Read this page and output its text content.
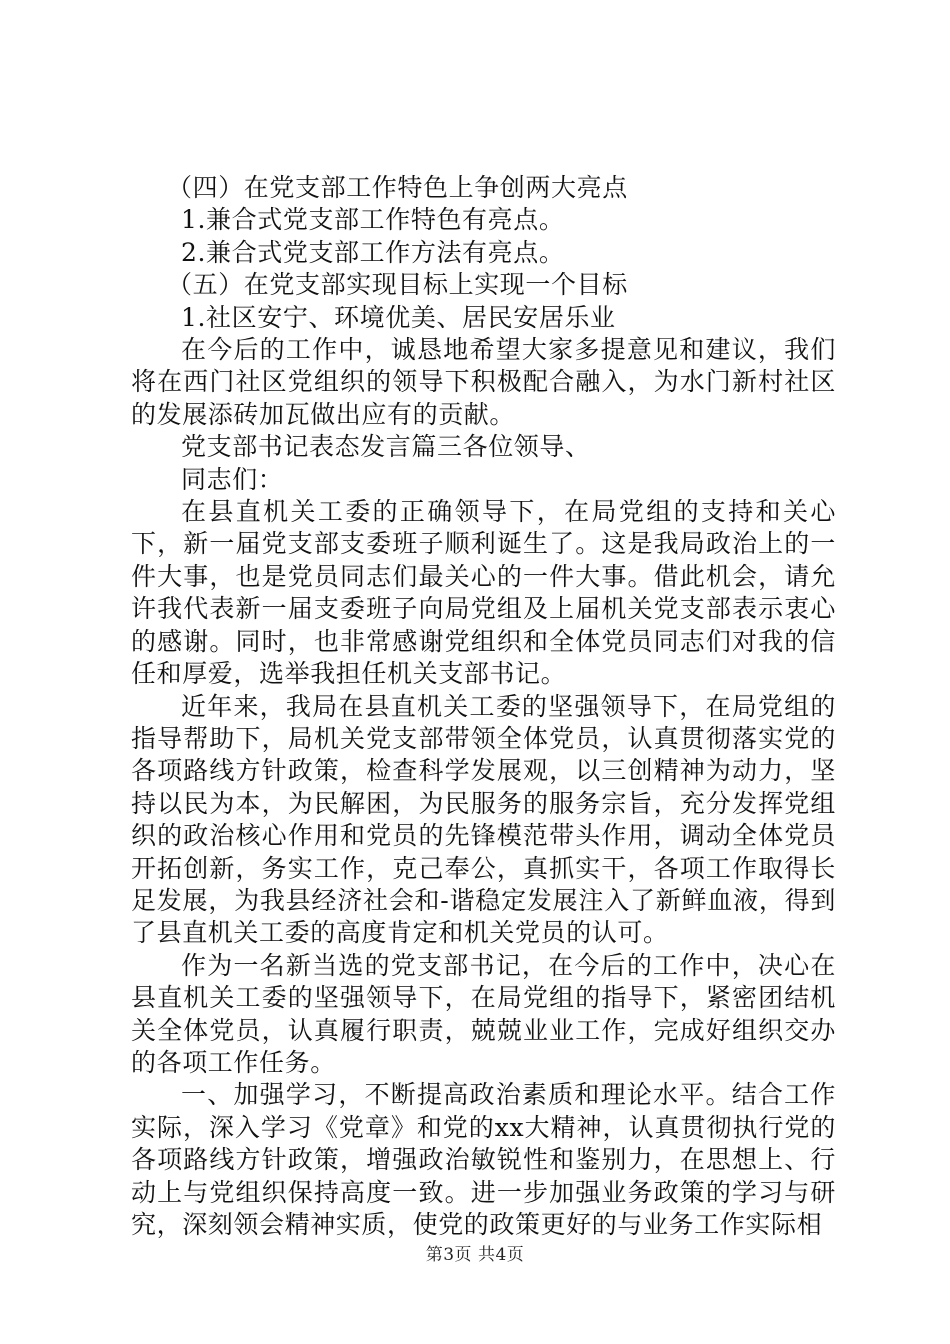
（四）在党支部工作特色上争创两大亮点

1.兼合式党支部工作特色有亮点。

2.兼合式党支部工作方法有亮点。

（五）在党支部实现目标上实现一个目标

1.社区安宁、环境优美、居民安居乐业

在今后的工作中，诚恳地希望大家多提意见和建议，我们将在西门社区党组织的领导下积极配合融入，为水门新村社区的发展添砖加瓦做出应有的贡献。

党支部书记表态发言篇三各位领导、

同志们：

在县直机关工委的正确领导下，在局党组的支持和关心下，新一届党支部支委班子顺利诞生了。这是我局政治上的一件大事，也是党员同志们最关心的一件大事。借此机会，请允许我代表新一届支委班子向局党组及上届机关党支部表示衷心的感谢。同时，也非常感谢党组织和全体党员同志们对我的信任和厚爱，选举我担任机关支部书记。

近年来，我局在县直机关工委的坚强领导下，在局党组的指导帮助下，局机关党支部带领全体党员，认真贯彻落实党的各项路线方针政策，检查科学发展观，以三创精神为动力，坚持以民为本，为民解困，为民服务的服务宗旨，充分发挥党组织的政治核心作用和党员的先锋模范带头作用，调动全体党员开拓创新，务实工作，克己奉公，真抓实干，各项工作取得长足发展，为我县经济社会和-谐稳定发展注入了新鲜血液，得到了县直机关工委的高度肯定和机关党员的认可。

作为一名新当选的党支部书记，在今后的工作中，决心在县直机关工委的坚强领导下，在局党组的指导下，紧密团结机关全体党员，认真履行职责，兢兢业业工作，完成好组织交办的各项工作任务。

一、加强学习，不断提高政治素质和理论水平。结合工作实际，深入学习《党章》和党的xx大精神，认真贯彻执行党的各项路线方针政策，增强政治敏锐性和鉴别力，在思想上、行动上与党组织保持高度一致。进一步加强业务政策的学习与研究，深刻领会精神实质，使党的政策更好的与业务工作实际相

第3页 共4页
